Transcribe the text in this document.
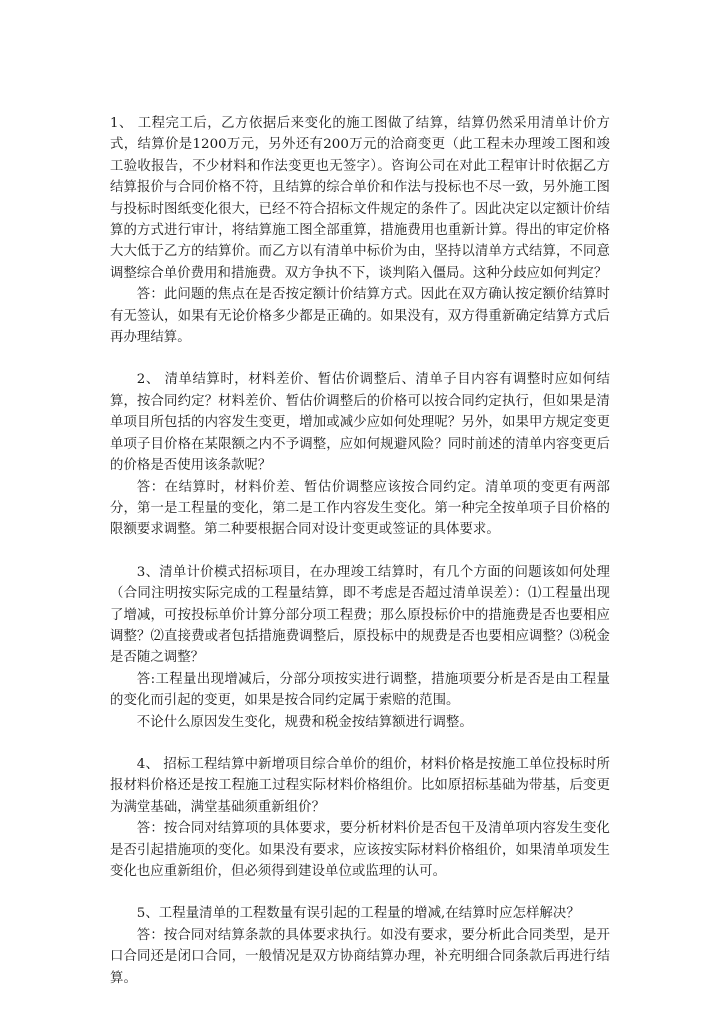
1、 工程完工后，乙方依据后来变化的施工图做了结算，结算仍然采用清单计价方式，结算价是1200万元，另外还有200万元的洽商变更（此工程未办理竣工图和竣工验收报告，不少材料和作法变更也无签字）。咨询公司在对此工程审计时依据乙方结算报价与合同价格不符，且结算的综合单价和作法与投标也不尽一致，另外施工图与投标时图纸变化很大，已经不符合招标文件规定的条件了。因此决定以定额计价结算的方式进行审计，将结算施工图全部重算，措施费用也重新计算。得出的审定价格大大低于乙方的结算价。而乙方以有清单中标价为由，坚持以清单方式结算，不同意调整综合单价费用和措施费。双方争执不下，谈判陷入僵局。这种分歧应如何判定？

答：此问题的焦点在是否按定额计价结算方式。因此在双方确认按定额价结算时有无签认，如果有无论价格多少都是正确的。如果没有，双方得重新确定结算方式后再办理结算。

2、 清单结算时，材料差价、暂估价调整后、清单子目内容有调整时应如何结算，按合同约定？材料差价、暂估价调整后的价格可以按合同约定执行，但如果是清单项目所包括的内容发生变更，增加或减少应如何处理呢？另外，如果甲方规定变更单项子目价格在某限额之内不予调整，应如何规避风险？同时前述的清单内容变更后的价格是否使用该条款呢？

答：在结算时，材料价差、暂估价调整应该按合同约定。清单项的变更有两部分，第一是工程量的变化，第二是工作内容发生变化。第一种完全按单项子目价格的限额要求调整。第二种要根据合同对设计变更或签证的具体要求。

3、清单计价模式招标项目，在办理竣工结算时，有几个方面的问题该如何处理（合同注明按实际完成的工程量结算，即不考虑是否超过清单误差）：⑴工程量出现了增减，可按投标单价计算分部分项工程费；那么原投标价中的措施费是否也要相应调整？⑵直接费或者包括措施费调整后，原投标中的规费是否也要相应调整？⑶税金是否随之调整？

答:工程量出现增减后，分部分项按实进行调整，措施项要分析是否是由工程量的变化而引起的变更，如果是按合同约定属于索赔的范围。

不论什么原因发生变化，规费和税金按结算额进行调整。

4、 招标工程结算中新增项目综合单价的组价，材料价格是按施工单位投标时所报材料价格还是按工程施工过程实际材料价格组价。比如原招标基础为带基，后变更为满堂基础，满堂基础须重新组价？

答：按合同对结算项的具体要求，要分析材料价是否包干及清单项内容发生变化是否引起措施项的变化。如果没有要求，应该按实际材料价格组价，如果清单项发生变化也应重新组价，但必须得到建设单位或监理的认可。

5、工程量清单的工程数量有误引起的工程量的增减,在结算时应怎样解决？

答：按合同对结算条款的具体要求执行。如没有要求，要分析此合同类型，是开口合同还是闭口合同，一般情况是双方协商结算办理，补充明细合同条款后再进行结算。
